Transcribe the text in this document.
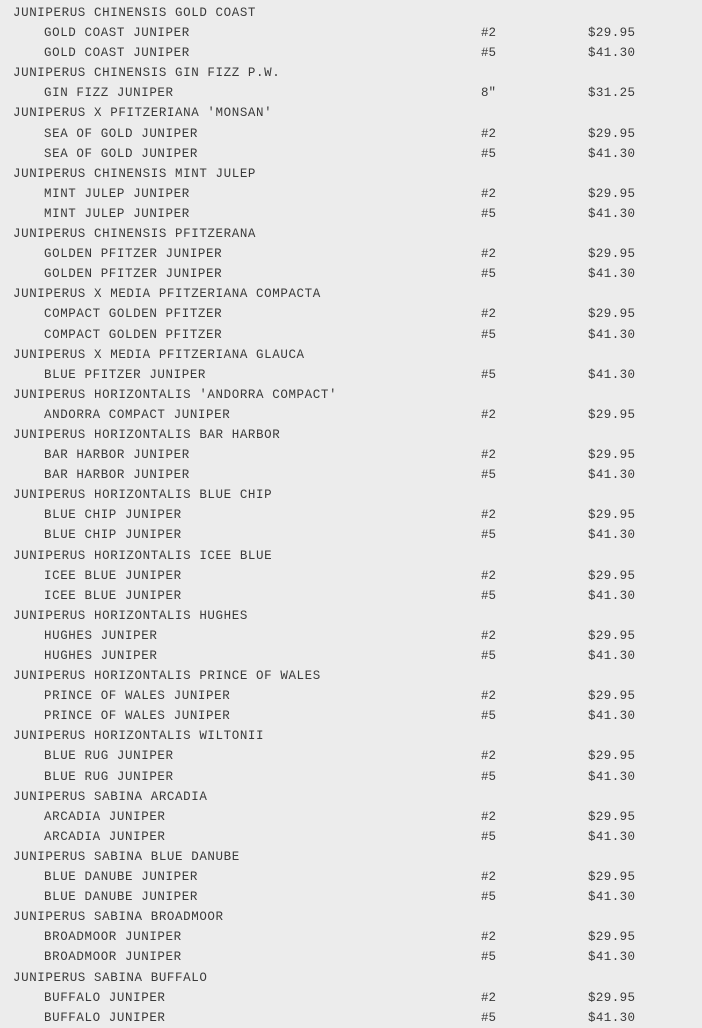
JUNIPERUS CHINENSIS GOLD COAST
GOLD COAST JUNIPER	#2	$29.95
GOLD COAST JUNIPER	#5	$41.30
JUNIPERUS CHINENSIS GIN FIZZ P.W.
GIN FIZZ JUNIPER	8"	$31.25
JUNIPERUS X PFITZERIANA 'MONSAN'
SEA OF GOLD JUNIPER	#2	$29.95
SEA OF GOLD JUNIPER	#5	$41.30
JUNIPERUS CHINENSIS MINT JULEP
MINT JULEP JUNIPER	#2	$29.95
MINT JULEP JUNIPER	#5	$41.30
JUNIPERUS CHINENSIS PFITZERANA
GOLDEN PFITZER JUNIPER	#2	$29.95
GOLDEN PFITZER JUNIPER	#5	$41.30
JUNIPERUS X MEDIA PFITZERIANA COMPACTA
COMPACT GOLDEN PFITZER	#2	$29.95
COMPACT GOLDEN PFITZER	#5	$41.30
JUNIPERUS X MEDIA PFITZERIANA GLAUCA
BLUE PFITZER JUNIPER	#5	$41.30
JUNIPERUS HORIZONTALIS 'ANDORRA COMPACT'
ANDORRA COMPACT JUNIPER	#2	$29.95
JUNIPERUS HORIZONTALIS BAR HARBOR
BAR HARBOR JUNIPER	#2	$29.95
BAR HARBOR JUNIPER	#5	$41.30
JUNIPERUS HORIZONTALIS BLUE CHIP
BLUE CHIP JUNIPER	#2	$29.95
BLUE CHIP JUNIPER	#5	$41.30
JUNIPERUS HORIZONTALIS ICEE BLUE
ICEE BLUE JUNIPER	#2	$29.95
ICEE BLUE JUNIPER	#5	$41.30
JUNIPERUS HORIZONTALIS HUGHES
HUGHES JUNIPER	#2	$29.95
HUGHES JUNIPER	#5	$41.30
JUNIPERUS HORIZONTALIS PRINCE OF WALES
PRINCE OF WALES JUNIPER	#2	$29.95
PRINCE OF WALES JUNIPER	#5	$41.30
JUNIPERUS HORIZONTALIS WILTONII
BLUE RUG JUNIPER	#2	$29.95
BLUE RUG JUNIPER	#5	$41.30
JUNIPERUS SABINA ARCADIA
ARCADIA JUNIPER	#2	$29.95
ARCADIA JUNIPER	#5	$41.30
JUNIPERUS SABINA BLUE DANUBE
BLUE DANUBE JUNIPER	#2	$29.95
BLUE DANUBE JUNIPER	#5	$41.30
JUNIPERUS SABINA BROADMOOR
BROADMOOR JUNIPER	#2	$29.95
BROADMOOR JUNIPER	#5	$41.30
JUNIPERUS SABINA BUFFALO
BUFFALO JUNIPER	#2	$29.95
BUFFALO JUNIPER	#5	$41.30
